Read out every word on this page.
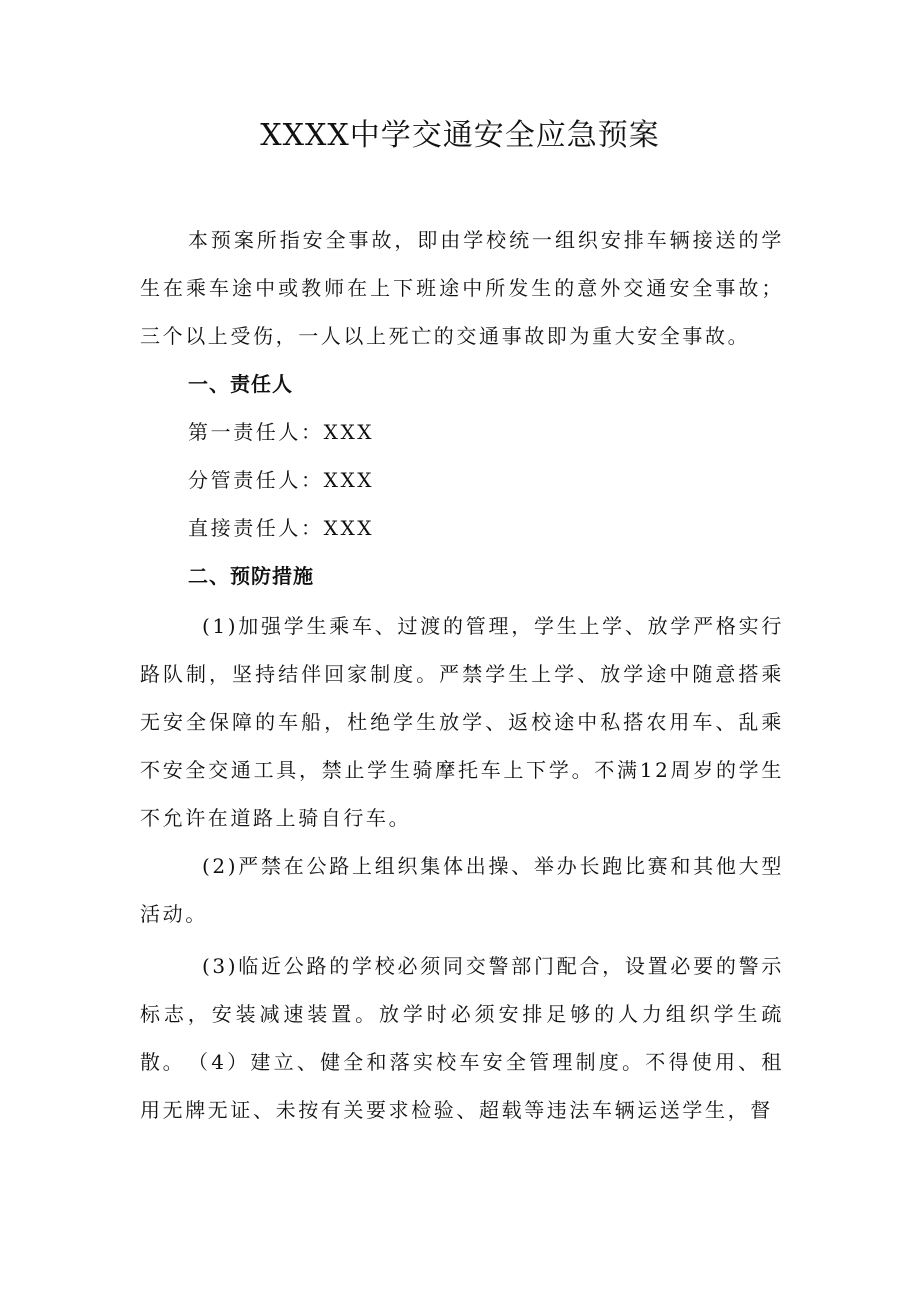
XXXX中学交通安全应急预案

本预案所指安全事故，即由学校统一组织安排车辆接送的学生在乘车途中或教师在上下班途中所发生的意外交通安全事故；三个以上受伤，一人以上死亡的交通事故即为重大安全事故。

一、责任人

第一责任人：XXX

分管责任人：XXX

直接责任人：XXX

二、预防措施

(1)加强学生乘车、过渡的管理，学生上学、放学严格实行路队制，坚持结伴回家制度。严禁学生上学、放学途中随意搭乘无安全保障的车船，杜绝学生放学、返校途中私搭农用车、乱乘不安全交通工具，禁止学生骑摩托车上下学。不满12周岁的学生不允许在道路上骑自行车。

(2)严禁在公路上组织集体出操、举办长跑比赛和其他大型活动。

(3)临近公路的学校必须同交警部门配合，设置必要的警示标志，安装减速装置。放学时必须安排足够的人力组织学生疏散。 （4）建立、健全和落实校车安全管理制度。不得使用、租用无牌无证、未按有关要求检验、超载等违法车辆运送学生，督
